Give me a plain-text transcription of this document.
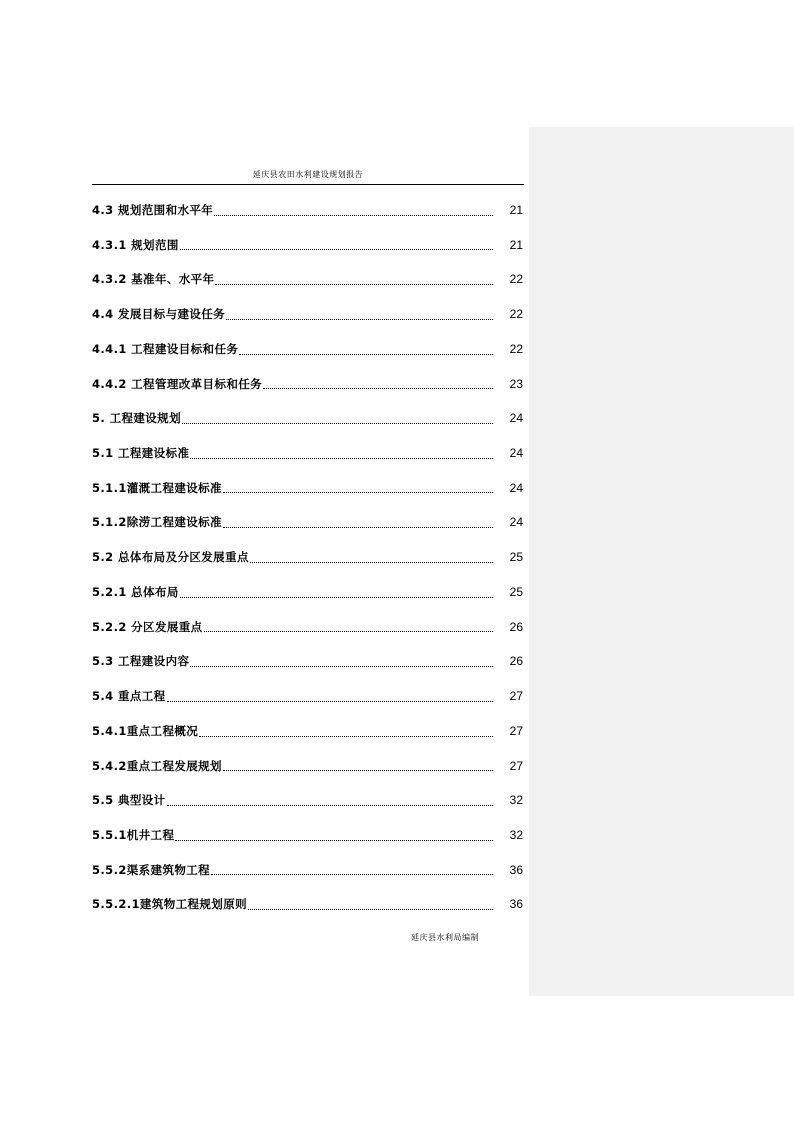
延庆县农田水利建设规划报告
4.3 规划范围和水平年	21
4.3.1 规划范围	21
4.3.2 基准年、水平年	22
4.4 发展目标与建设任务	22
4.4.1 工程建设目标和任务	22
4.4.2 工程管理改革目标和任务	23
5. 工程建设规划	24
5.1 工程建设标准	24
5.1.1灌溉工程建设标准	24
5.1.2除涝工程建设标准	24
5.2 总体布局及分区发展重点	25
5.2.1 总体布局	25
5.2.2 分区发展重点	26
5.3 工程建设内容	26
5.4 重点工程	27
5.4.1重点工程概况	27
5.4.2重点工程发展规划	27
5.5 典型设计	32
5.5.1机井工程	32
5.5.2渠系建筑物工程	36
5.5.2.1建筑物工程规划原则	36
延庆县水利局编制
